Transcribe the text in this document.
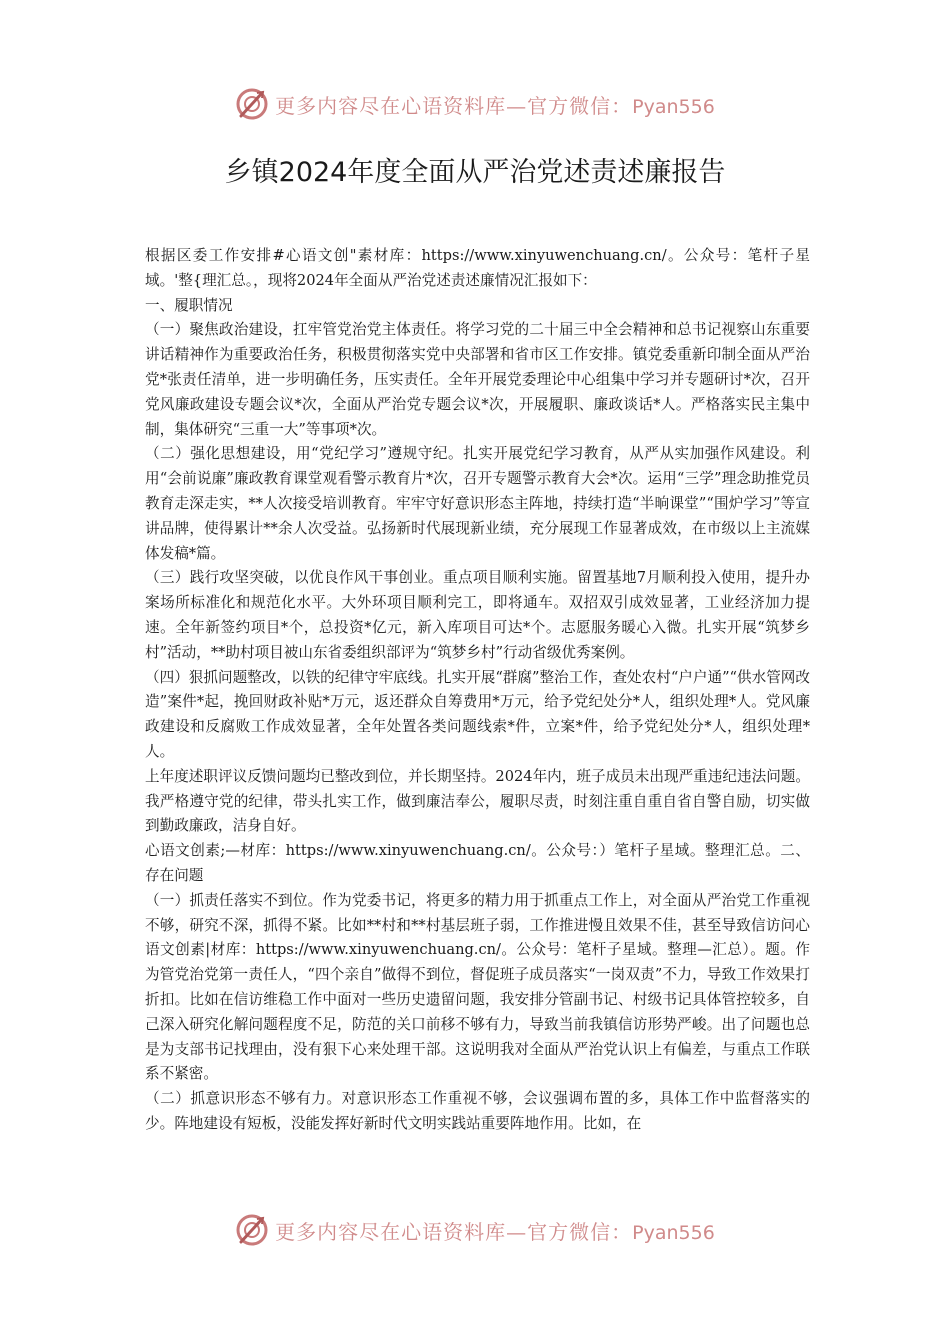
更多内容尽在心语资料库—官方微信：Pyan556
乡镇2024年度全面从严治党述责述廉报告

根据区委工作安排#心语文创"素材库：https://www.xinyuwenchuang.cn/。公众号：笔杆子星域。'整{理汇总。，现将2024年全面从严治党述责述廉情况汇报如下：

一、履职情况

（一）聚焦政治建设，扛牢管党治党主体责任。将学习党的二十届三中全会精神和总书记视察山东重要讲话精神作为重要政治任务，积极贯彻落实党中央部署和省市区工作安排。镇党委重新印制全面从严治党*张责任清单，进一步明确任务，压实责任。全年开展党委理论中心组集中学习并专题研讨*次，召开党风廉政建设专题会议*次，全面从严治党专题会议*次，开展履职、廉政谈话*人。严格落实民主集中制，集体研究“三重一大”等事项*次。

（二）强化思想建设，用“党纪学习”遵规守纪。扎实开展党纪学习教育，从严从实加强作风建设。利用“会前说廉”廉政教育课堂观看警示教育片*次，召开专题警示教育大会*次。运用“三学”理念助推党员教育走深走实，**人次接受培训教育。牢牢守好意识形态主阵地，持续打造“半晌课堂”“围炉学习”等宣讲品牌，使得累计**余人次受益。弘扬新时代展现新业绩，充分展现工作显著成效，在市级以上主流媒体发稿*篇。

（三）践行攻坚突破，以优良作风干事创业。重点项目顺利实施。留置基地7月顺利投入使用，提升办案场所标准化和规范化水平。大外环项目顺利完工，即将通车。双招双引成效显著，工业经济加力提速。全年新签约项目*个，总投资*亿元，新入库项目可达*个。志愿服务暖心入微。扎实开展“筑梦乡村”活动，**助村项目被山东省委组织部评为“筑梦乡村”行动省级优秀案例。

（四）狠抓问题整改，以铁的纪律守牢底线。扎实开展“群腐”整治工作，查处农村“户户通”“供水管网改造”案件*起，挽回财政补贴*万元，返还群众自筹费用*万元，给予党纪处分*人，组织处理*人。党风廉政建设和反腐败工作成效显著，全年处置各类问题线索*件，立案*件，给予党纪处分*人，组织处理*人。

上年度述职评议反馈问题均已整改到位，并长期坚持。2024年内，班子成员未出现严重违纪违法问题。我严格遵守党的纪律，带头扎实工作，做到廉洁奉公，履职尽责，时刻注重自重自省自警自励，切实做到勤政廉政，洁身自好。

心语文创素;—材库：https://www.xinyuwenchuang.cn/。公众号：）笔杆子星域。整理汇总。二、存在问题

（一）抓责任落实不到位。作为党委书记，将更多的精力用于抓重点工作上，对全面从严治党工作重视不够，研究不深，抓得不紧。比如**村和**村基层班子弱，工作推进慢且效果不佳，甚至导致信访问心语文创素|材库：https://www.xinyuwenchuang.cn/。公众号：笔杆子星域。整理—汇总）。题。作为管党治党第一责任人，“四个亲自”做得不到位，督促班子成员落实“一岗双责”不力，导致工作效果打折扣。比如在信访维稳工作中面对一些历史遗留问题，我安排分管副书记、村级书记具体管控较多，自己深入研究化解问题程度不足，防范的关口前移不够有力，导致当前我镇信访形势严峻。出了问题也总是为支部书记找理由，没有狠下心来处理干部。这说明我对全面从严治党认识上有偏差，与重点工作联系不紧密。

（二）抓意识形态不够有力。对意识形态工作重视不够，会议强调布置的多，具体工作中监督落实的少。阵地建设有短板，没能发挥好新时代文明实践站重要阵地作用。比如，在

更多内容尽在心语资料库—官方微信：Pyan556
